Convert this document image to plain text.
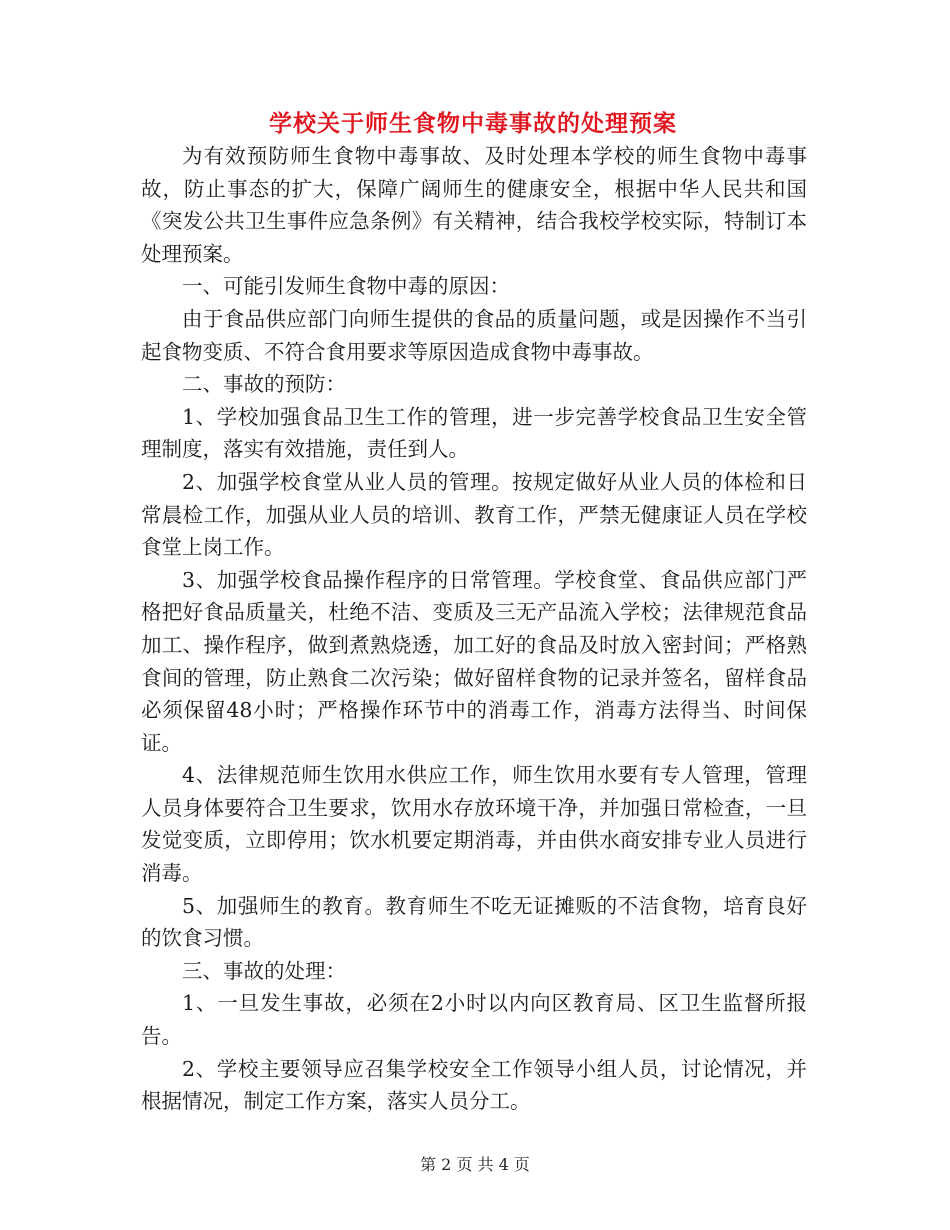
学校关于师生食物中毒事故的处理预案

为有效预防师生食物中毒事故、及时处理本学校的师生食物中毒事故，防止事态的扩大，保障广阔师生的健康安全，根据中华人民共和国《突发公共卫生事件应急条例》有关精神，结合我校学校实际，特制订本处理预案。

一、可能引发师生食物中毒的原因：

由于食品供应部门向师生提供的食品的质量问题，或是因操作不当引起食物变质、不符合食用要求等原因造成食物中毒事故。

二、事故的预防：

1、学校加强食品卫生工作的管理，进一步完善学校食品卫生安全管理制度，落实有效措施，责任到人。

2、加强学校食堂从业人员的管理。按规定做好从业人员的体检和日常晨检工作，加强从业人员的培训、教育工作，严禁无健康证人员在学校食堂上岗工作。

3、加强学校食品操作程序的日常管理。学校食堂、食品供应部门严格把好食品质量关，杜绝不洁、变质及三无产品流入学校；法律规范食品加工、操作程序，做到煮熟烧透，加工好的食品及时放入密封间；严格熟食间的管理，防止熟食二次污染；做好留样食物的记录并签名，留样食品必须保留48小时；严格操作环节中的消毒工作，消毒方法得当、时间保证。

4、法律规范师生饮用水供应工作，师生饮用水要有专人管理，管理人员身体要符合卫生要求，饮用水存放环境干净，并加强日常检查，一旦发觉变质，立即停用；饮水机要定期消毒，并由供水商安排专业人员进行消毒。

5、加强师生的教育。教育师生不吃无证摊贩的不洁食物，培育良好的饮食习惯。

三、事故的处理：

1、一旦发生事故，必须在2小时以内向区教育局、区卫生监督所报告。

2、学校主要领导应召集学校安全工作领导小组人员，讨论情况，并根据情况，制定工作方案，落实人员分工。

第 2 页 共 4 页
